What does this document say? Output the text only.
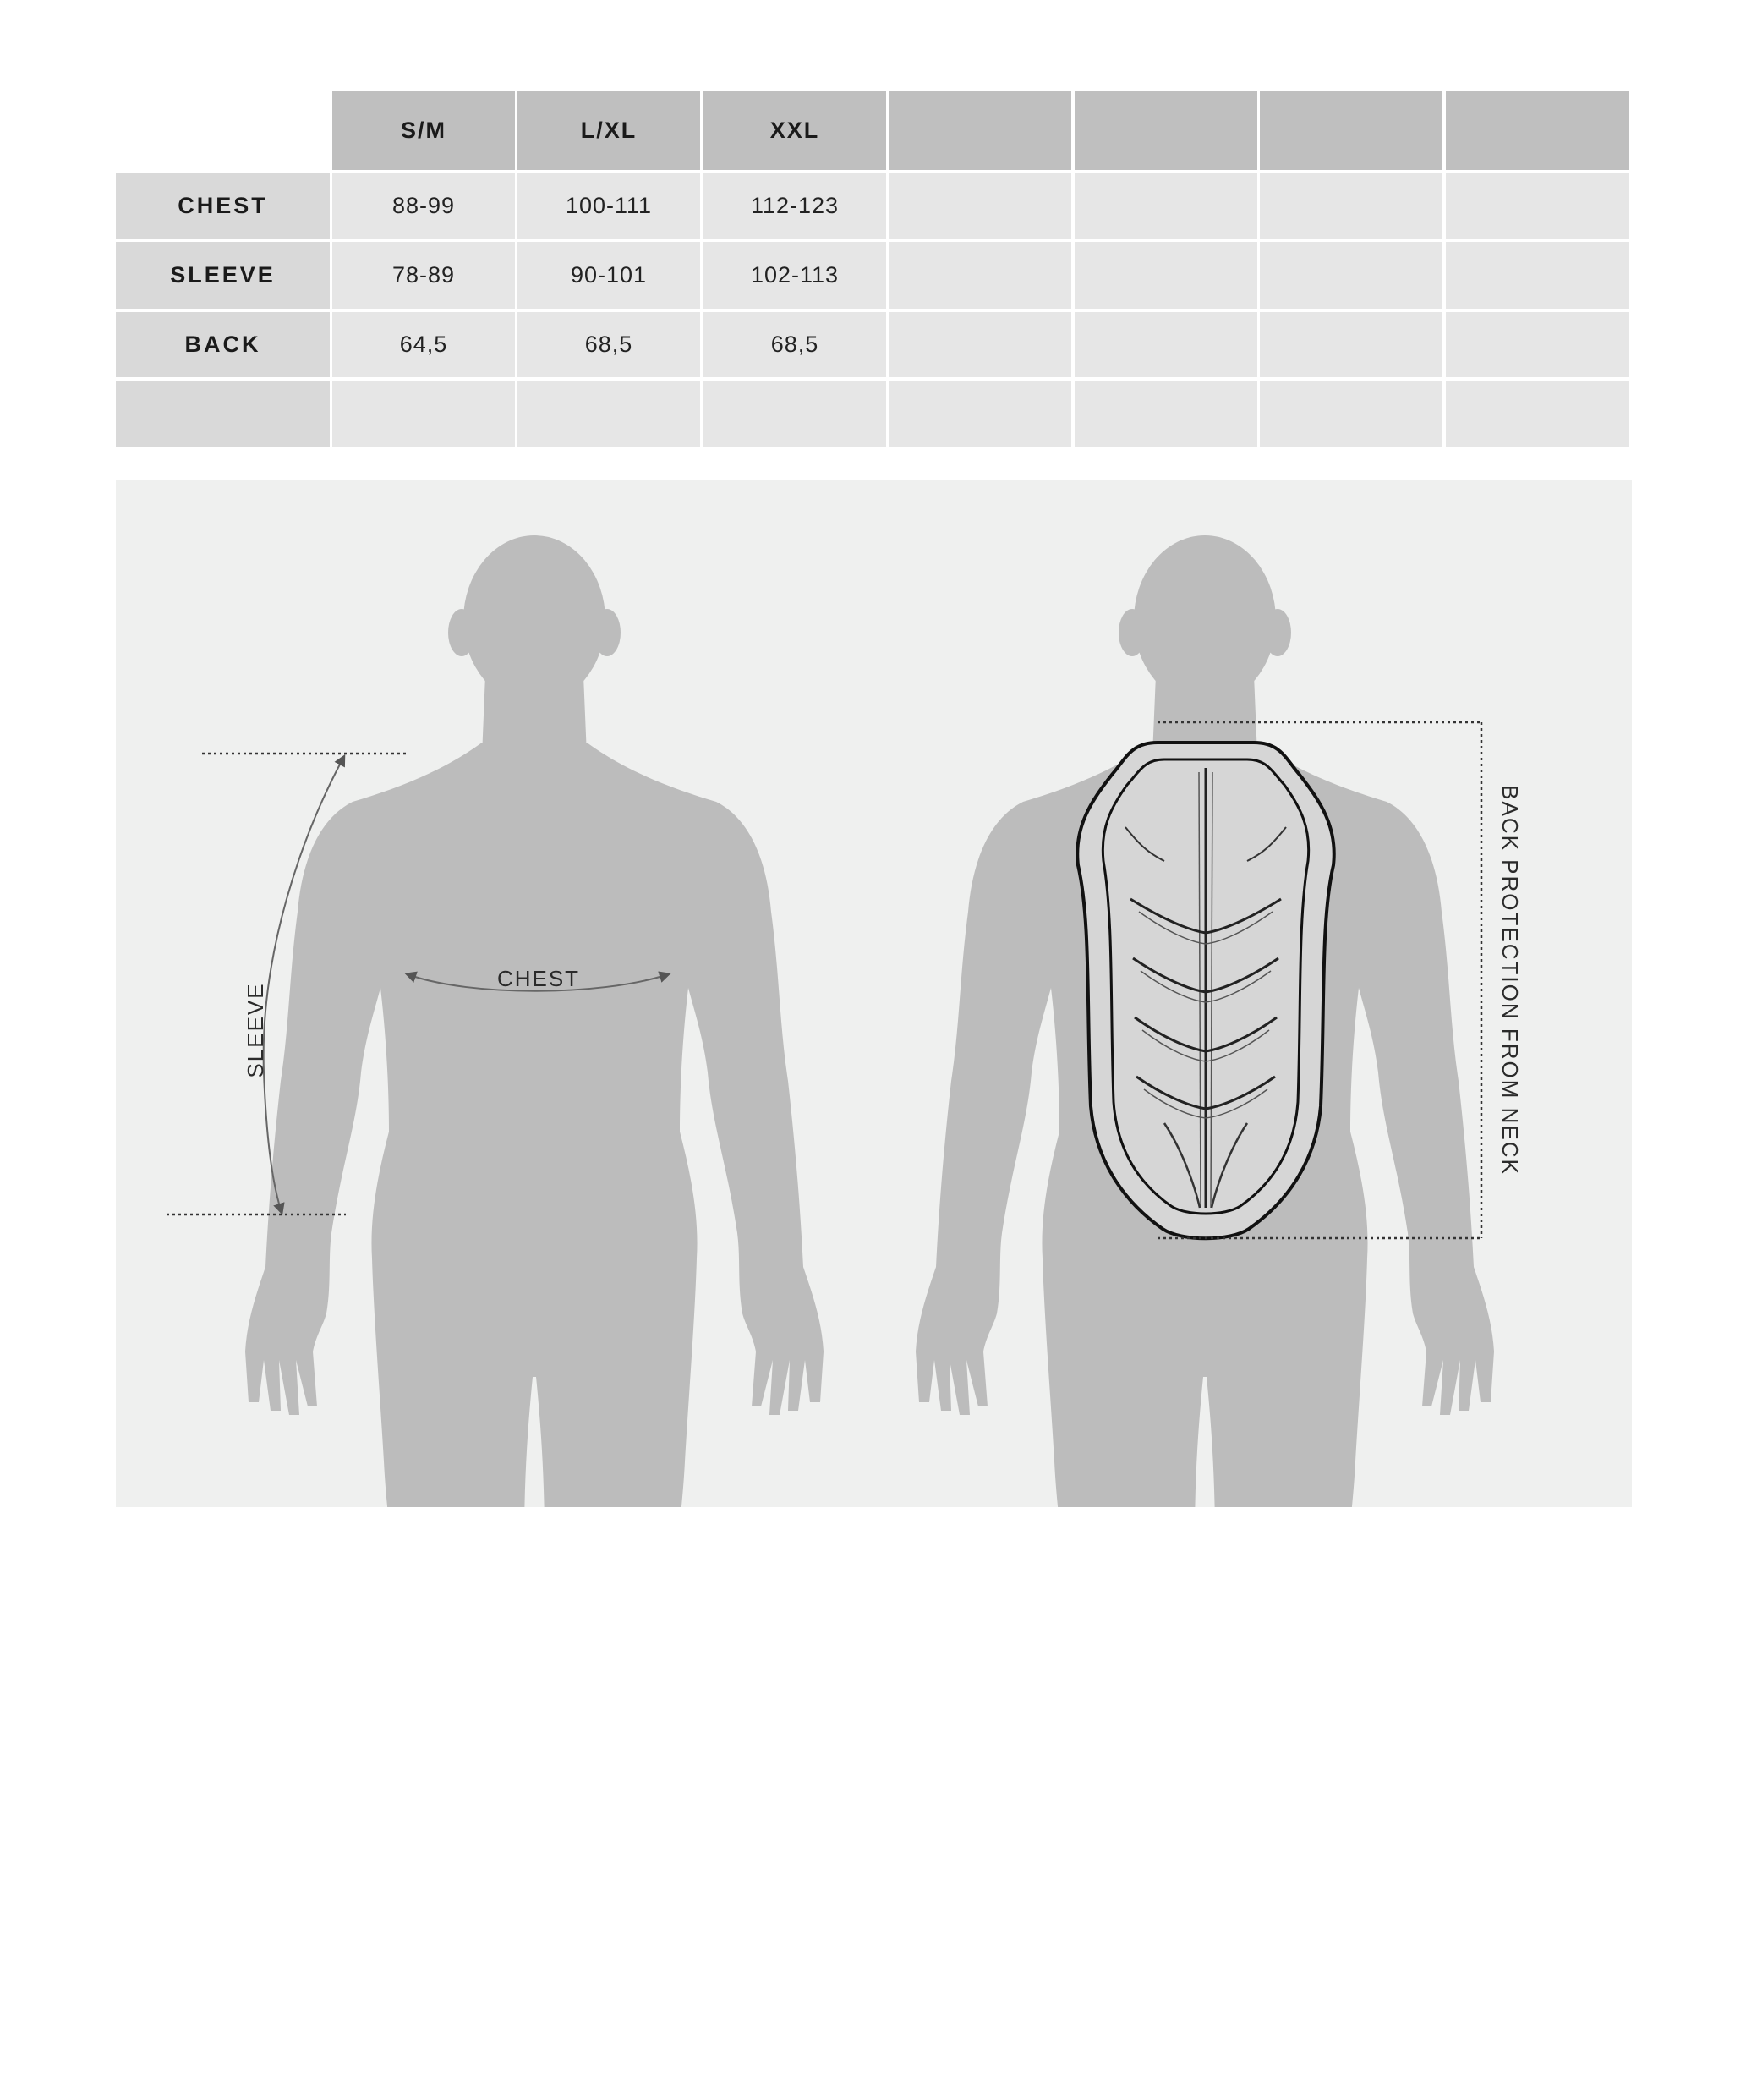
S/M	L/XL	XXL
CHEST	88-99	100-111	112-123
SLEEVE	78-89	90-101	102-113
BACK	64,5	68,5	68,5
SLEEVE
CHEST	BACK PROTECTION FROM NECK
